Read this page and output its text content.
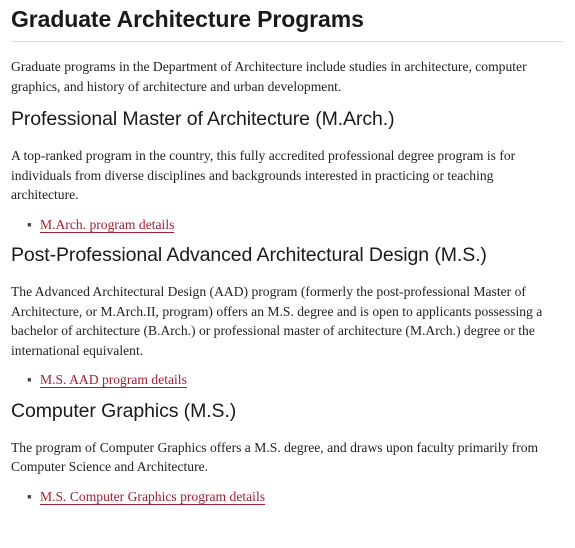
Graduate Architecture Programs

Graduate programs in the Department of Architecture include studies in architecture, computer graphics, and history of architecture and urban development.

Professional Master of Architecture (M.Arch.)

A top-ranked program in the country, this fully accredited professional degree program is for individuals from diverse disciplines and backgrounds interested in practicing or teaching architecture.

▪ M.Arch. program details
Post-Professional Advanced Architectural Design (M.S.)

The Advanced Architectural Design (AAD) program (formerly the post-professional Master of Architecture, or M.Arch.II, program) offers an M.S. degree and is open to applicants possessing a bachelor of architecture (B.Arch.) or professional master of architecture (M.Arch.) degree or the international equivalent.

▪ M.S. AAD program details
Computer Graphics (M.S.)

The program of Computer Graphics offers a M.S. degree, and draws upon faculty primarily from Computer Science and Architecture.

▪ M.S. Computer Graphics program details
